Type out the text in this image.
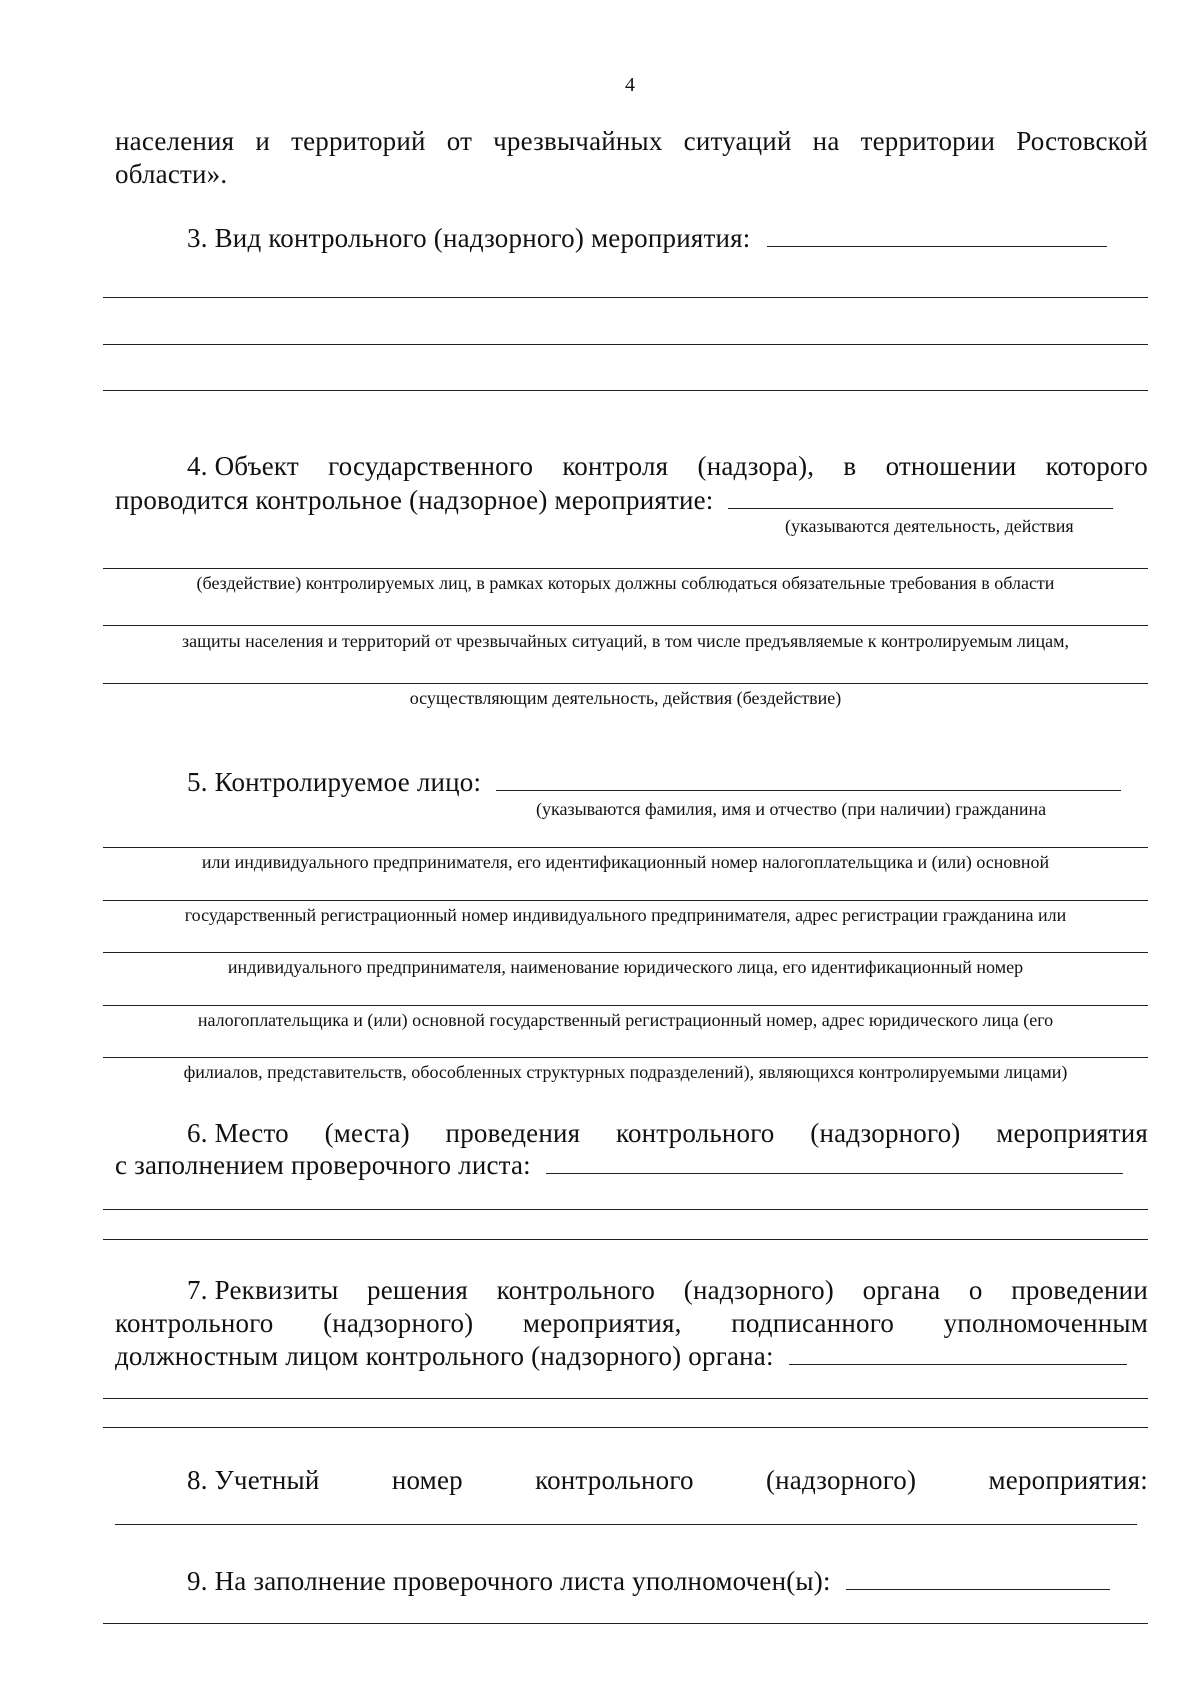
4
населения и территорий от чрезвычайных ситуаций на территории Ростовской
области».
3. Вид контрольного (надзорного) мероприятия:
4. Объект государственного контроля (надзора), в отношении которого
проводится контрольное (надзорное) мероприятие:
(указываются деятельность, действия
(бездействие) контролируемых лиц, в рамках которых должны соблюдаться обязательные требования в области
защиты населения и территорий от чрезвычайных ситуаций, в том числе предъявляемые к контролируемым лицам,
осуществляющим деятельность, действия (бездействие)
5. Контролируемое лицо:
(указываются фамилия, имя и отчество (при наличии) гражданина
или индивидуального предпринимателя, его идентификационный номер налогоплательщика и (или) основной
государственный регистрационный номер индивидуального предпринимателя, адрес регистрации гражданина или
индивидуального предпринимателя, наименование юридического лица, его идентификационный номер
налогоплательщика и (или) основной государственный регистрационный номер, адрес юридического лица (его
филиалов, представительств, обособленных структурных подразделений), являющихся контролируемыми лицами)
6. Место (места) проведения контрольного (надзорного) мероприятия
с заполнением проверочного листа:
7. Реквизиты решения контрольного (надзорного) органа о проведении
контрольного (надзорного) мероприятия, подписанного уполномоченным
должностным лицом контрольного (надзорного) органа:
8. Учетный	номер	контрольного	(надзорного)	мероприятия:
9. На заполнение проверочного листа уполномочен(ы):
